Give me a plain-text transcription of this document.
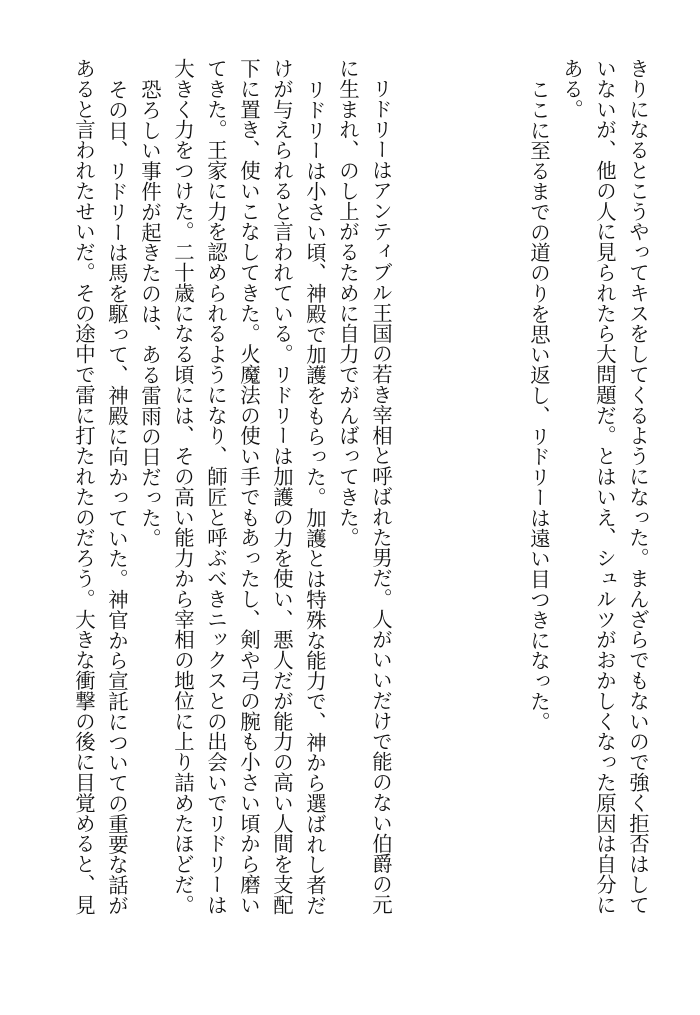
きりになるとこうやってキスをしてくるようになった。まんざらでもないので強く拒否はして

いないが、他の人に見られたら大問題だ。とはいえ、シュルツがおかしくなった原因は自分に

ある。

ここに至るまでの道のりを思い返し、リドリーは遠い目つきになった。

リドリーはアンティブル王国の若き宰相と呼ばれた男だ。人がいいだけで能のない伯爵の元

に生まれ、のし上がるために自力でがんばってきた。

リドリーは小さい頃、神殿で加護をもらった。加護とは特殊な能力で、神から選ばれし者だ

けが与えられると言われている。リドリーは加護の力を使い、悪人だが能力の高い人間を支配

下に置き、使いこなしてきた。火魔法の使い手でもあったし、剣や弓の腕も小さい頃から磨い

てきた。王家に力を認められるようになり、師匠と呼ぶべきニックスとの出会いでリドリーは

大きく力をつけた。二十歳になる頃には、その高い能力から宰相の地位に上り詰めたほどだ。

恐ろしい事件が起きたのは、ある雷雨の日だった。

その日、リドリーは馬を駆って、神殿に向かっていた。神官から宣託についての重要な話が

あると言われたせいだ。その途中で雷に打たれたのだろう。大きな衝撃の後に目覚めると、見
